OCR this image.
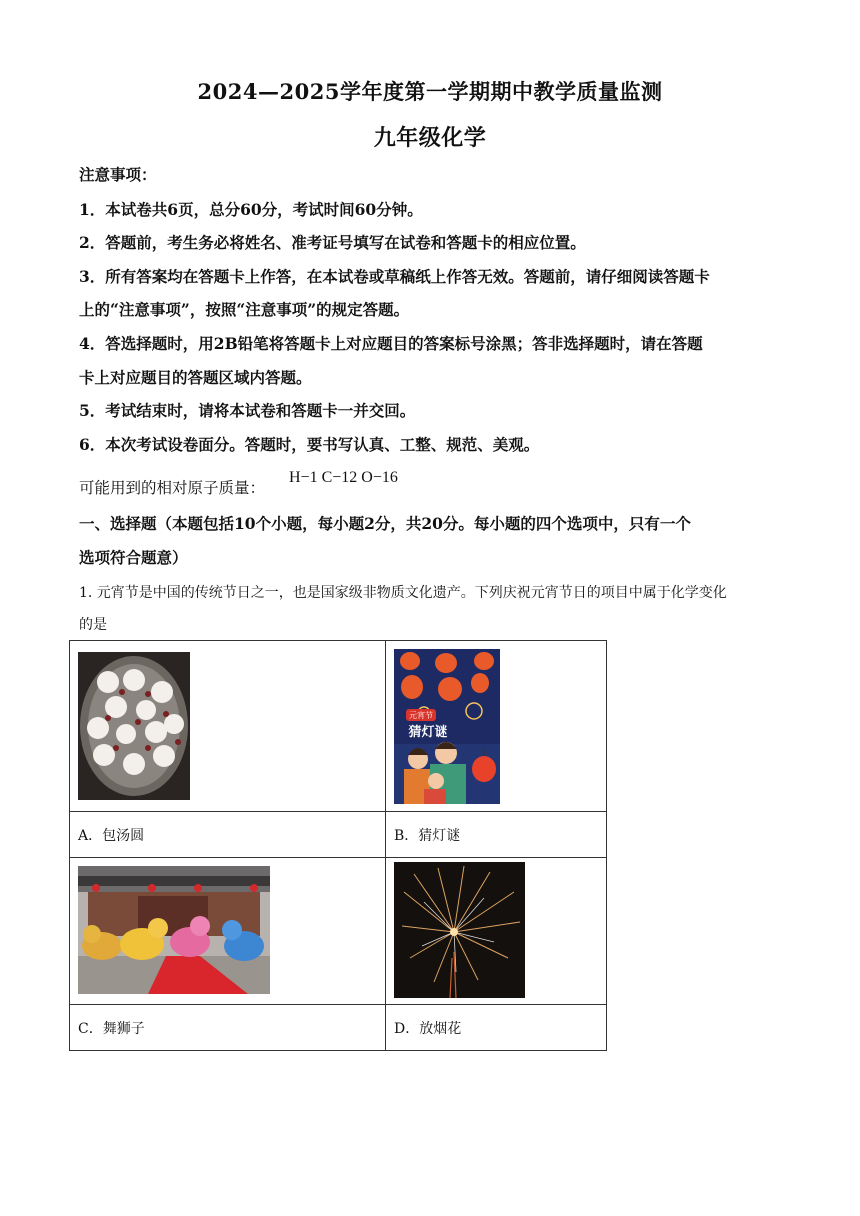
2024—2025学年度第一学期期中教学质量监测
九年级化学
注意事项：
1．本试卷共6页，总分60分，考试时间60分钟。
2．答题前，考生务必将姓名、准考证号填写在试卷和答题卡的相应位置。
3．所有答案均在答题卡上作答，在本试卷或草稿纸上作答无效。答题前，请仔细阅读答题卡
上的“注意事项”，按照“注意事项”的规定答题。
4．答选择题时，用2B铅笔将答题卡上对应题目的答案标号涂黑；答非选择题时，请在答题
卡上对应题目的答题区域内答题。
5．考试结束时，请将本试卷和答题卡一并交回。
6．本次考试设卷面分。答题时，要书写认真、工整、规范、美观。
可能用到的相对原子质量：
H−1 C−12 O−16
一、选择题（本题包括10个小题，每小题2分，共20分。每小题的四个选项中，只有一个
选项符合题意）
1. 元宵节是中国的传统节日之一，也是国家级非物质文化遗产。下列庆祝元宵节日的项目中属于化学变化
的是

元宵节
猜灯谜

A．包汤圆	B．猜灯谜

C．舞狮子	D．放烟花
